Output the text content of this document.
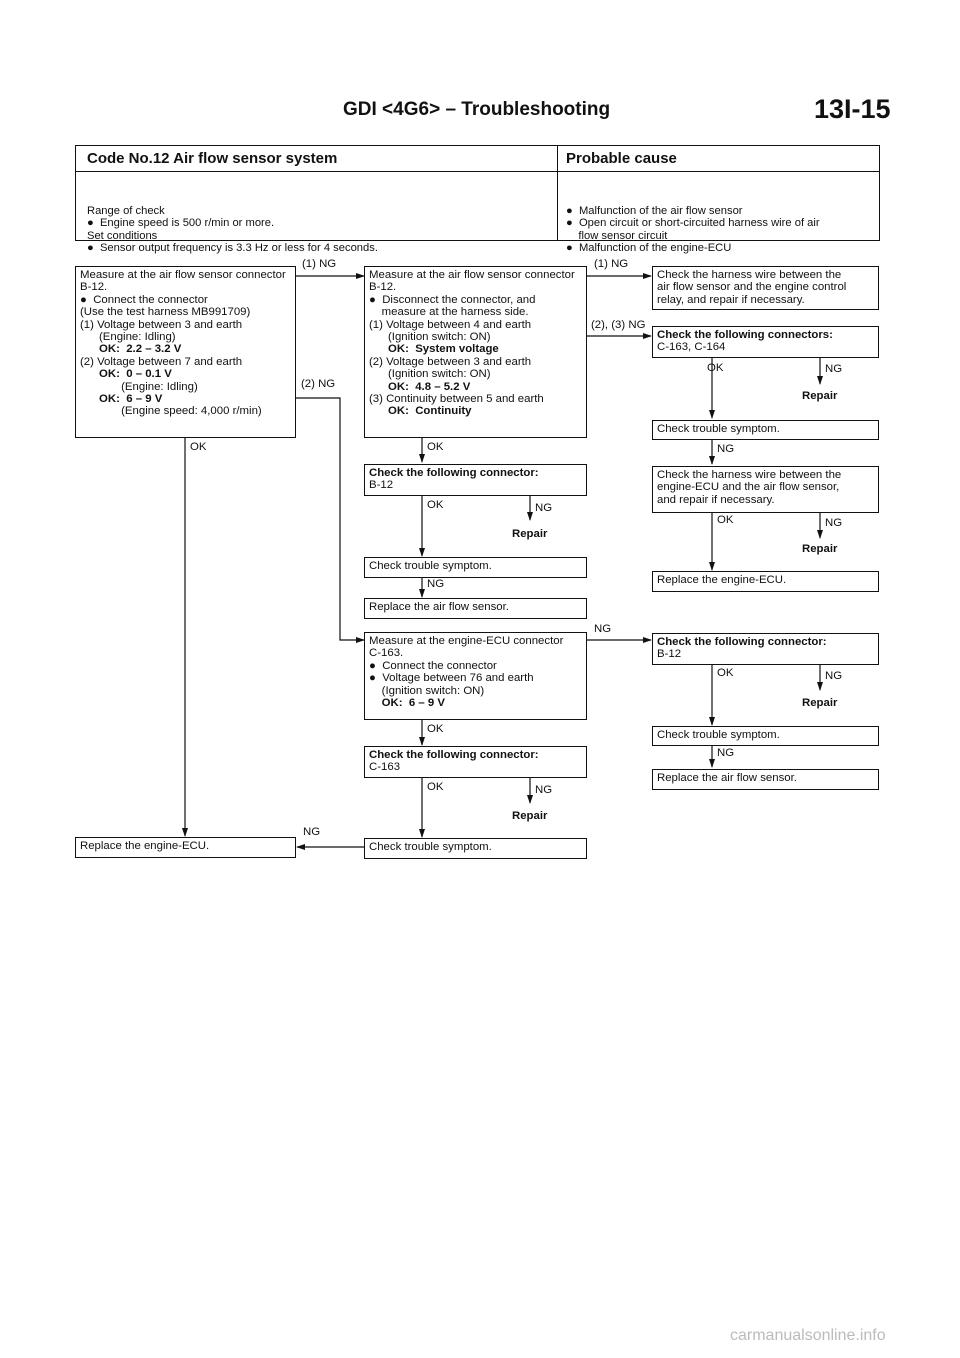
GDI <4G6> – Troubleshooting	13I-15
Code No.12 Air flow sensor system	Probable cause

Range of check
●  Engine speed is 500 r/min or more.
Set conditions
●  Sensor output frequency is 3.3 Hz or less for 4 seconds.

●  Malfunction of the air flow sensor
●  Open circuit or short-circuited harness wire of air
flow sensor circuit
●  Malfunction of the engine-ECU

Measure at the air flow sensor connector
B-12.
●  Connect the connector
(Use the test harness MB991709)
(1) Voltage between 3 and earth
(Engine: Idling)
OK:  2.2 – 3.2 V
(2) Voltage between 7 and earth
OK:  0 – 0.1 V
(Engine: Idling)
OK:  6 – 9 V
(Engine speed: 4,000 r/min)
Measure at the air flow sensor connector
B-12.
●  Disconnect the connector, and
measure at the harness side.
(1) Voltage between 4 and earth
(Ignition switch: ON)
OK:  System voltage
(2) Voltage between 3 and earth
(Ignition switch: ON)
OK:  4.8 – 5.2 V
(3) Continuity between 5 and earth
OK:  Continuity
Check the harness wire between the
air flow sensor and the engine control
relay, and repair if necessary.
Check the following connectors:
C-163, C-164
Check trouble symptom.
Check the harness wire between the
engine-ECU and the air flow sensor,
and repair if necessary.
Replace the engine-ECU.
Check the following connector:
B-12
Check trouble symptom.
Replace the air flow sensor.
Measure at the engine-ECU connector
C-163.
●  Connect the connector
●  Voltage between 76 and earth
(Ignition switch: ON)
OK:  6 – 9 V
Check the following connector:
B-12
Check trouble symptom.
Replace the air flow sensor.
Check the following connector:
C-163
Check trouble symptom.
Replace the engine-ECU.
(1) NG
(2) NG
OK
(1) NG
(2), (3) NG
OK	NG
Repair
NG
OK	NG
Repair
OK
OK	NG
Repair
NG
NG
OK	NG
Repair
NG
OK
OK	NG
Repair
NG
carmanualsonline.info
